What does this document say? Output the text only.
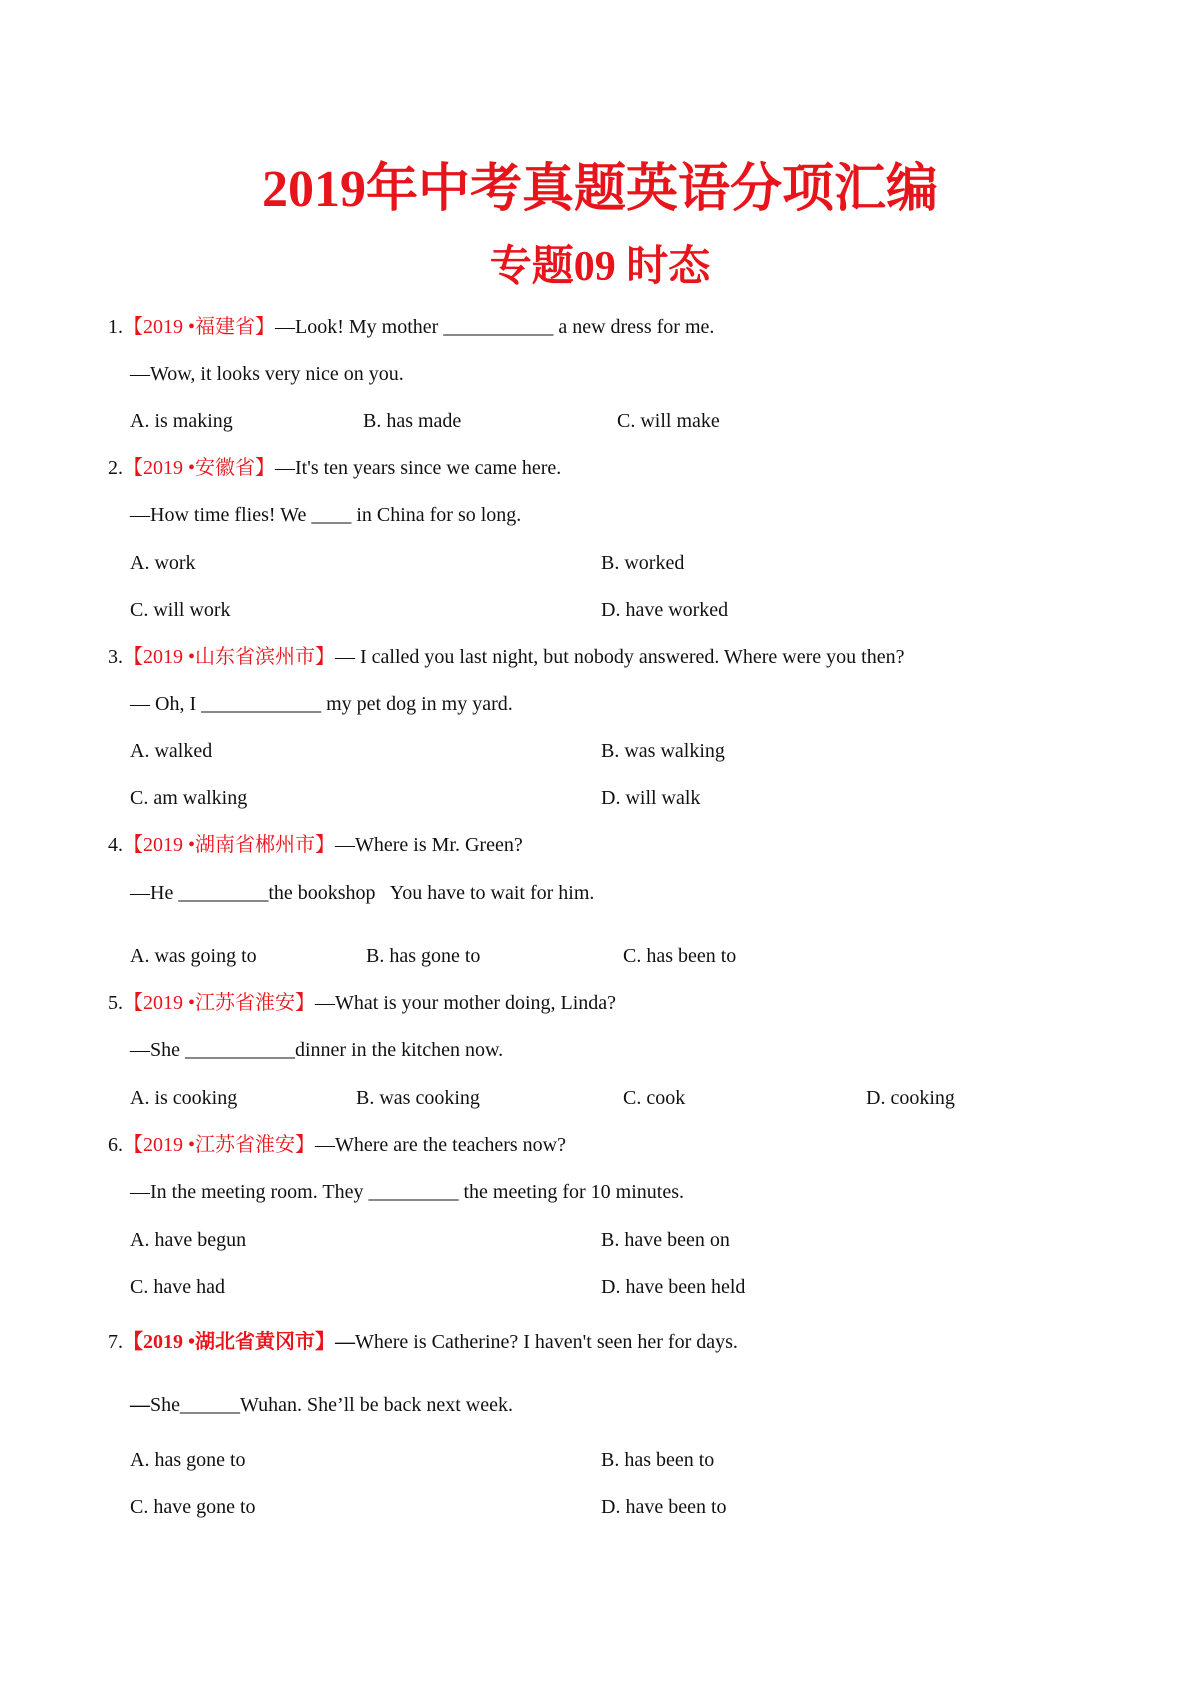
2019年中考真题英语分项汇编
专题09 时态
1.【2019 •福建省】—Look! My mother ___________ a new dress for me.
—Wow, it looks very nice on you.
A. is making	B. has made	C. will make
2.【2019 •安徽省】—It's ten years since we came here.
—How time flies! We ____ in China for so long.
A. work	B. worked
C. will work	D. have worked
3.【2019 •山东省滨州市】— I called you last night, but nobody answered. Where were you then?
— Oh, I ____________ my pet dog in my yard.
A. walked	B. was walking
C. am walking	D. will walk
4.【2019 •湖南省郴州市】—Where is Mr. Green?
—He _________the bookshop   You have to wait for him.
A. was going to	B. has gone to	C. has been to
5.【2019 •江苏省淮安】—What is your mother doing, Linda?
—She ___________dinner in the kitchen now.
A. is cooking	B. was cooking	C. cook	D. cooking
6.【2019 •江苏省淮安】—Where are the teachers now?
—In the meeting room. They _________ the meeting for 10 minutes.
A. have begun	B. have been on
C. have had	D. have been held
7.【2019 •湖北省黄冈市】—Where is Catherine? I haven't seen her for days.
—She______Wuhan. She’ll be back next week.
A. has gone to	B. has been to
C. have gone to	D. have been to
